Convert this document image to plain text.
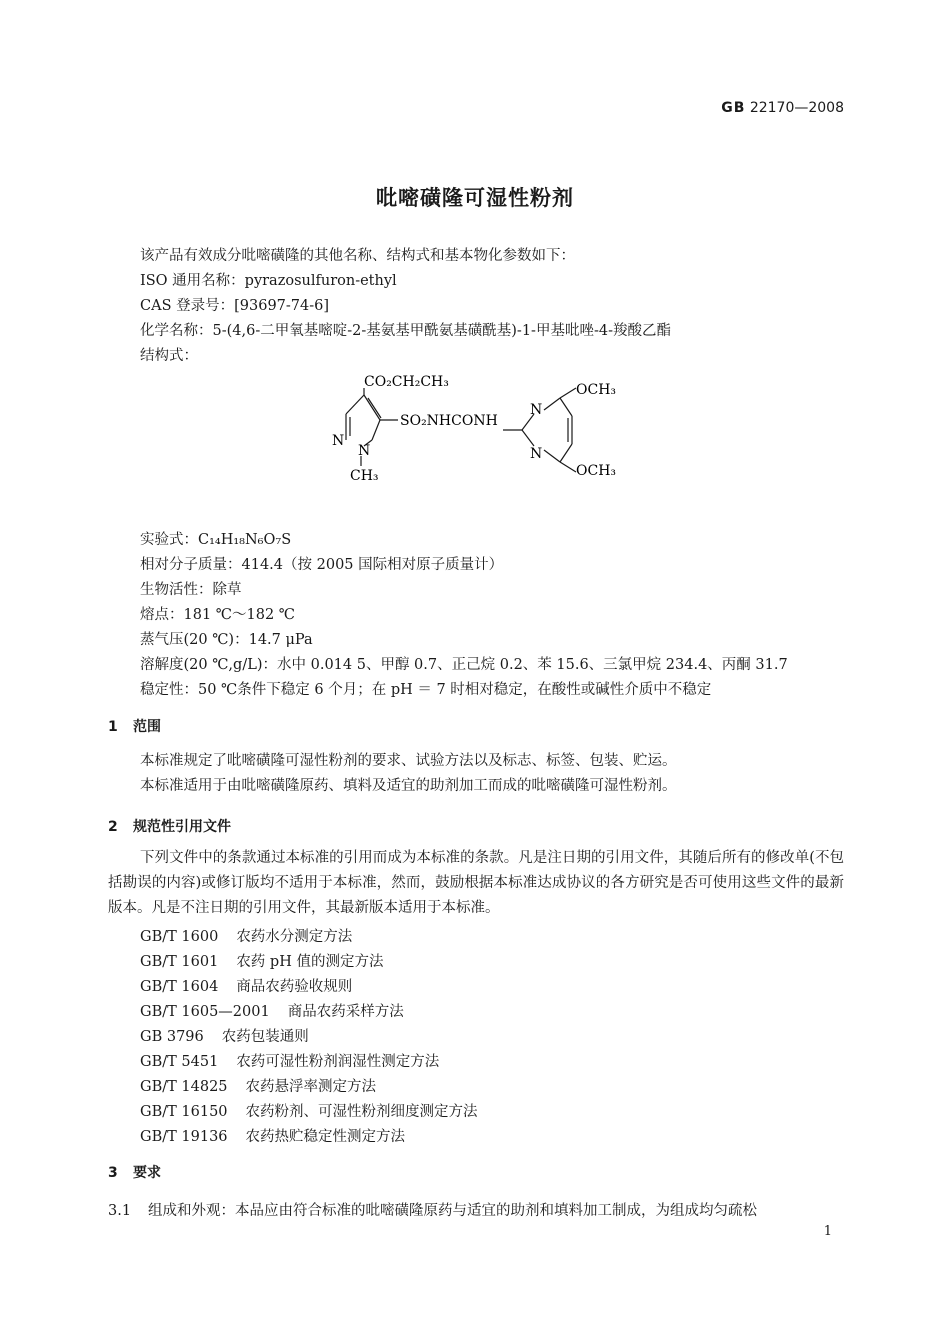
GB 22170—2008
吡嘧磺隆可湿性粉剂
该产品有效成分吡嘧磺隆的其他名称、结构式和基本物化参数如下：
ISO 通用名称：pyrazosulfuron-ethyl
CAS 登录号：[93697-74-6]
化学名称：5-(4,6-二甲氧基嘧啶-2-基氨基甲酰氨基磺酰基)-1-甲基吡唑-4-羧酸乙酯
结构式：
CO₂CH₂CH₃
SO₂NHCONH
N
N
CH₃
N
N
OCH₃
OCH₃
实验式：C₁₄H₁₈N₆O₇S
相对分子质量：414.4（按 2005 国际相对原子质量计）
生物活性：除草
熔点：181 ℃～182 ℃
蒸气压(20 ℃)：14.7 μPa
溶解度(20 ℃,g/L)：水中 0.014 5、甲醇 0.7、正己烷 0.2、苯 15.6、三氯甲烷 234.4、丙酮 31.7
稳定性：50 ℃条件下稳定 6 个月；在 pH ＝ 7 时相对稳定，在酸性或碱性介质中不稳定
1 范围
本标准规定了吡嘧磺隆可湿性粉剂的要求、试验方法以及标志、标签、包装、贮运。
本标准适用于由吡嘧磺隆原药、填料及适宜的助剂加工而成的吡嘧磺隆可湿性粉剂。
2 规范性引用文件
下列文件中的条款通过本标准的引用而成为本标准的条款。凡是注日期的引用文件，其随后所有的修改单(不包括勘误的内容)或修订版均不适用于本标准，然而，鼓励根据本标准达成协议的各方研究是否可使用这些文件的最新版本。凡是不注日期的引用文件，其最新版本适用于本标准。
GB/T 1600 农药水分测定方法
GB/T 1601 农药 pH 值的测定方法
GB/T 1604 商品农药验收规则
GB/T 1605—2001 商品农药采样方法
GB 3796 农药包装通则
GB/T 5451 农药可湿性粉剂润湿性测定方法
GB/T 14825 农药悬浮率测定方法
GB/T 16150 农药粉剂、可湿性粉剂细度测定方法
GB/T 19136 农药热贮稳定性测定方法
3 要求
3.1 组成和外观：本品应由符合标准的吡嘧磺隆原药与适宜的助剂和填料加工制成，为组成均匀疏松
1
